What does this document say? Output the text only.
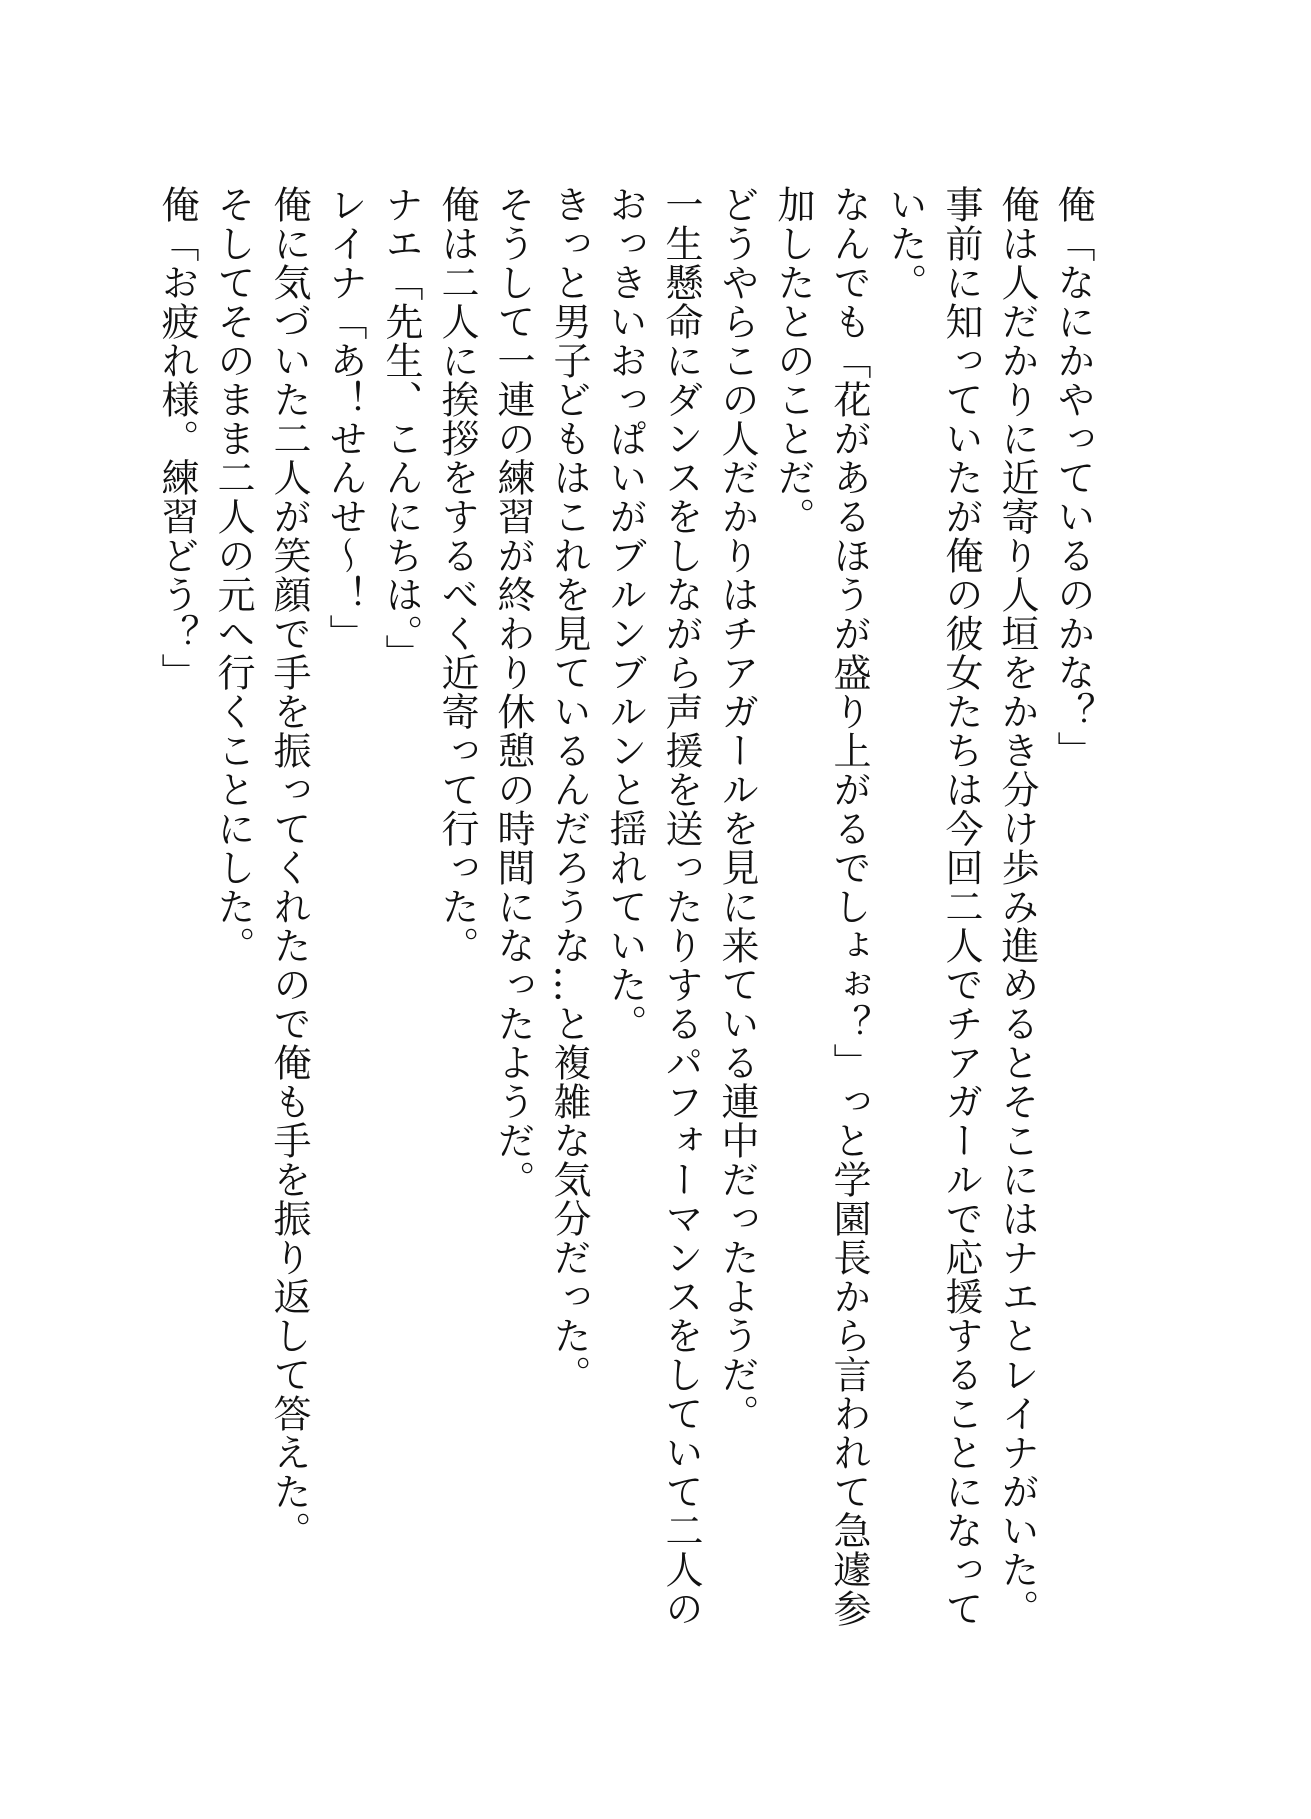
俺「なにかやっているのかな？」

俺は人だかりに近寄り人垣をかき分け歩み進めるとそこにはナエとレイナがいた。

事前に知っていたが俺の彼女たちは今回二人でチアガールで応援することになっていた。

なんでも「花があるほうが盛り上がるでしょぉ？」っと学園長から言われて急遽参加したとのことだ。

どうやらこの人だかりはチアガールを見に来ている連中だったようだ。

一生懸命にダンスをしながら声援を送ったりするパフォーマンスをしていて二人のおっきいおっぱいがブルンブルンと揺れていた。

きっと男子どもはこれを見ているんだろうな…と複雑な気分だった。

そうして一連の練習が終わり休憩の時間になったようだ。

俺は二人に挨拶をするべく近寄って行った。

ナエ「先生、こんにちは。」

レイナ「あ！せんせ〜！」

俺に気づいた二人が笑顔で手を振ってくれたので俺も手を振り返して答えた。

そしてそのまま二人の元へ行くことにした。

俺「お疲れ様。練習どう？」
